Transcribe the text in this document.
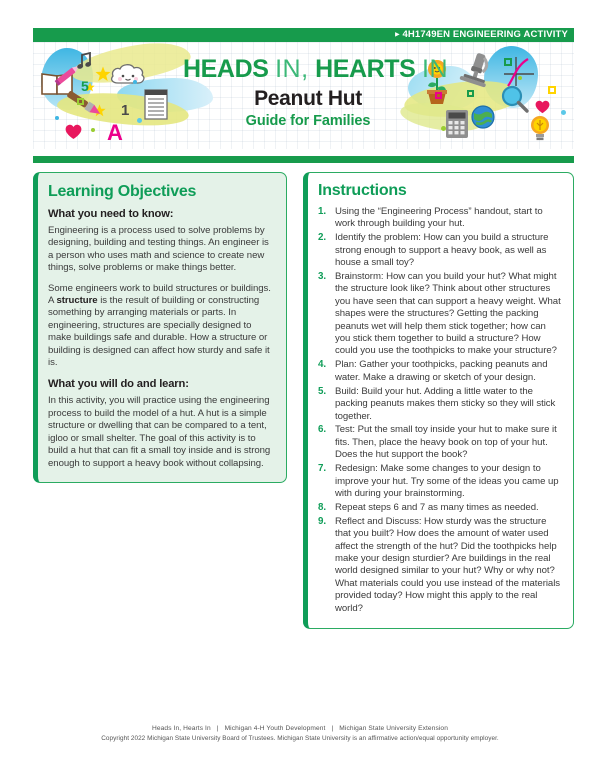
▸ 4H1749EN ENGINEERING ACTIVITY
A
5
1
HEADS IN, HEARTS IN
Peanut Hut
Guide for Families
Learning Objectives
What you need to know:

Engineering is a process used to solve problems by designing, building and testing things. An engineer is a person who uses math and science to create new things, solve problems or make things better.

Some engineers work to build structures or buildings. A structure is the result of building or constructing something by arranging materials or parts. In engineering, structures are specially designed to make buildings safe and durable. How a structure or building is designed can affect how sturdy and safe it is.

What you will do and learn:

In this activity, you will practice using the engineering process to build the model of a hut. A hut is a simple structure or dwelling that can be compared to a tent, igloo or small shelter. The goal of this activity is to build a hut that can fit a small toy inside and is strong enough to support a heavy book without collapsing.

Instructions
Using the “Engineering Process” handout, start to work through building your hut.
Identify the problem: How can you build a structure strong enough to support a heavy book, as well as house a small toy?
Brainstorm: How can you build your hut? What might the structure look like? Think about other structures you have seen that can support a heavy weight. What shapes were the structures? Getting the packing peanuts wet will help them stick together; how can you stick them together to build a structure? How could you use the toothpicks to make your structure?
Plan: Gather your toothpicks, packing peanuts and water. Make a drawing or sketch of your design.
Build: Build your hut. Adding a little water to the packing peanuts makes them sticky so they will stick together.
Test: Put the small toy inside your hut to make sure it fits. Then, place the heavy book on top of your hut. Does the hut support the book?
Redesign: Make some changes to your design to improve your hut. Try some of the ideas you came up with during your brainstorming.
Repeat steps 6 and 7 as many times as needed.
Reflect and Discuss: How sturdy was the structure that you built? How does the amount of water used affect the strength of the hut? Did the toothpicks help make your design sturdier? Are buildings in the real world designed similar to your hut? Why or why not? What materials could you use instead of the materials provided today? How might this apply to the real world?
Heads In, Hearts In | Michigan 4-H Youth Development | Michigan State University Extension
Copyright 2022 Michigan State University Board of Trustees. Michigan State University is an affirmative action/equal opportunity employer.
